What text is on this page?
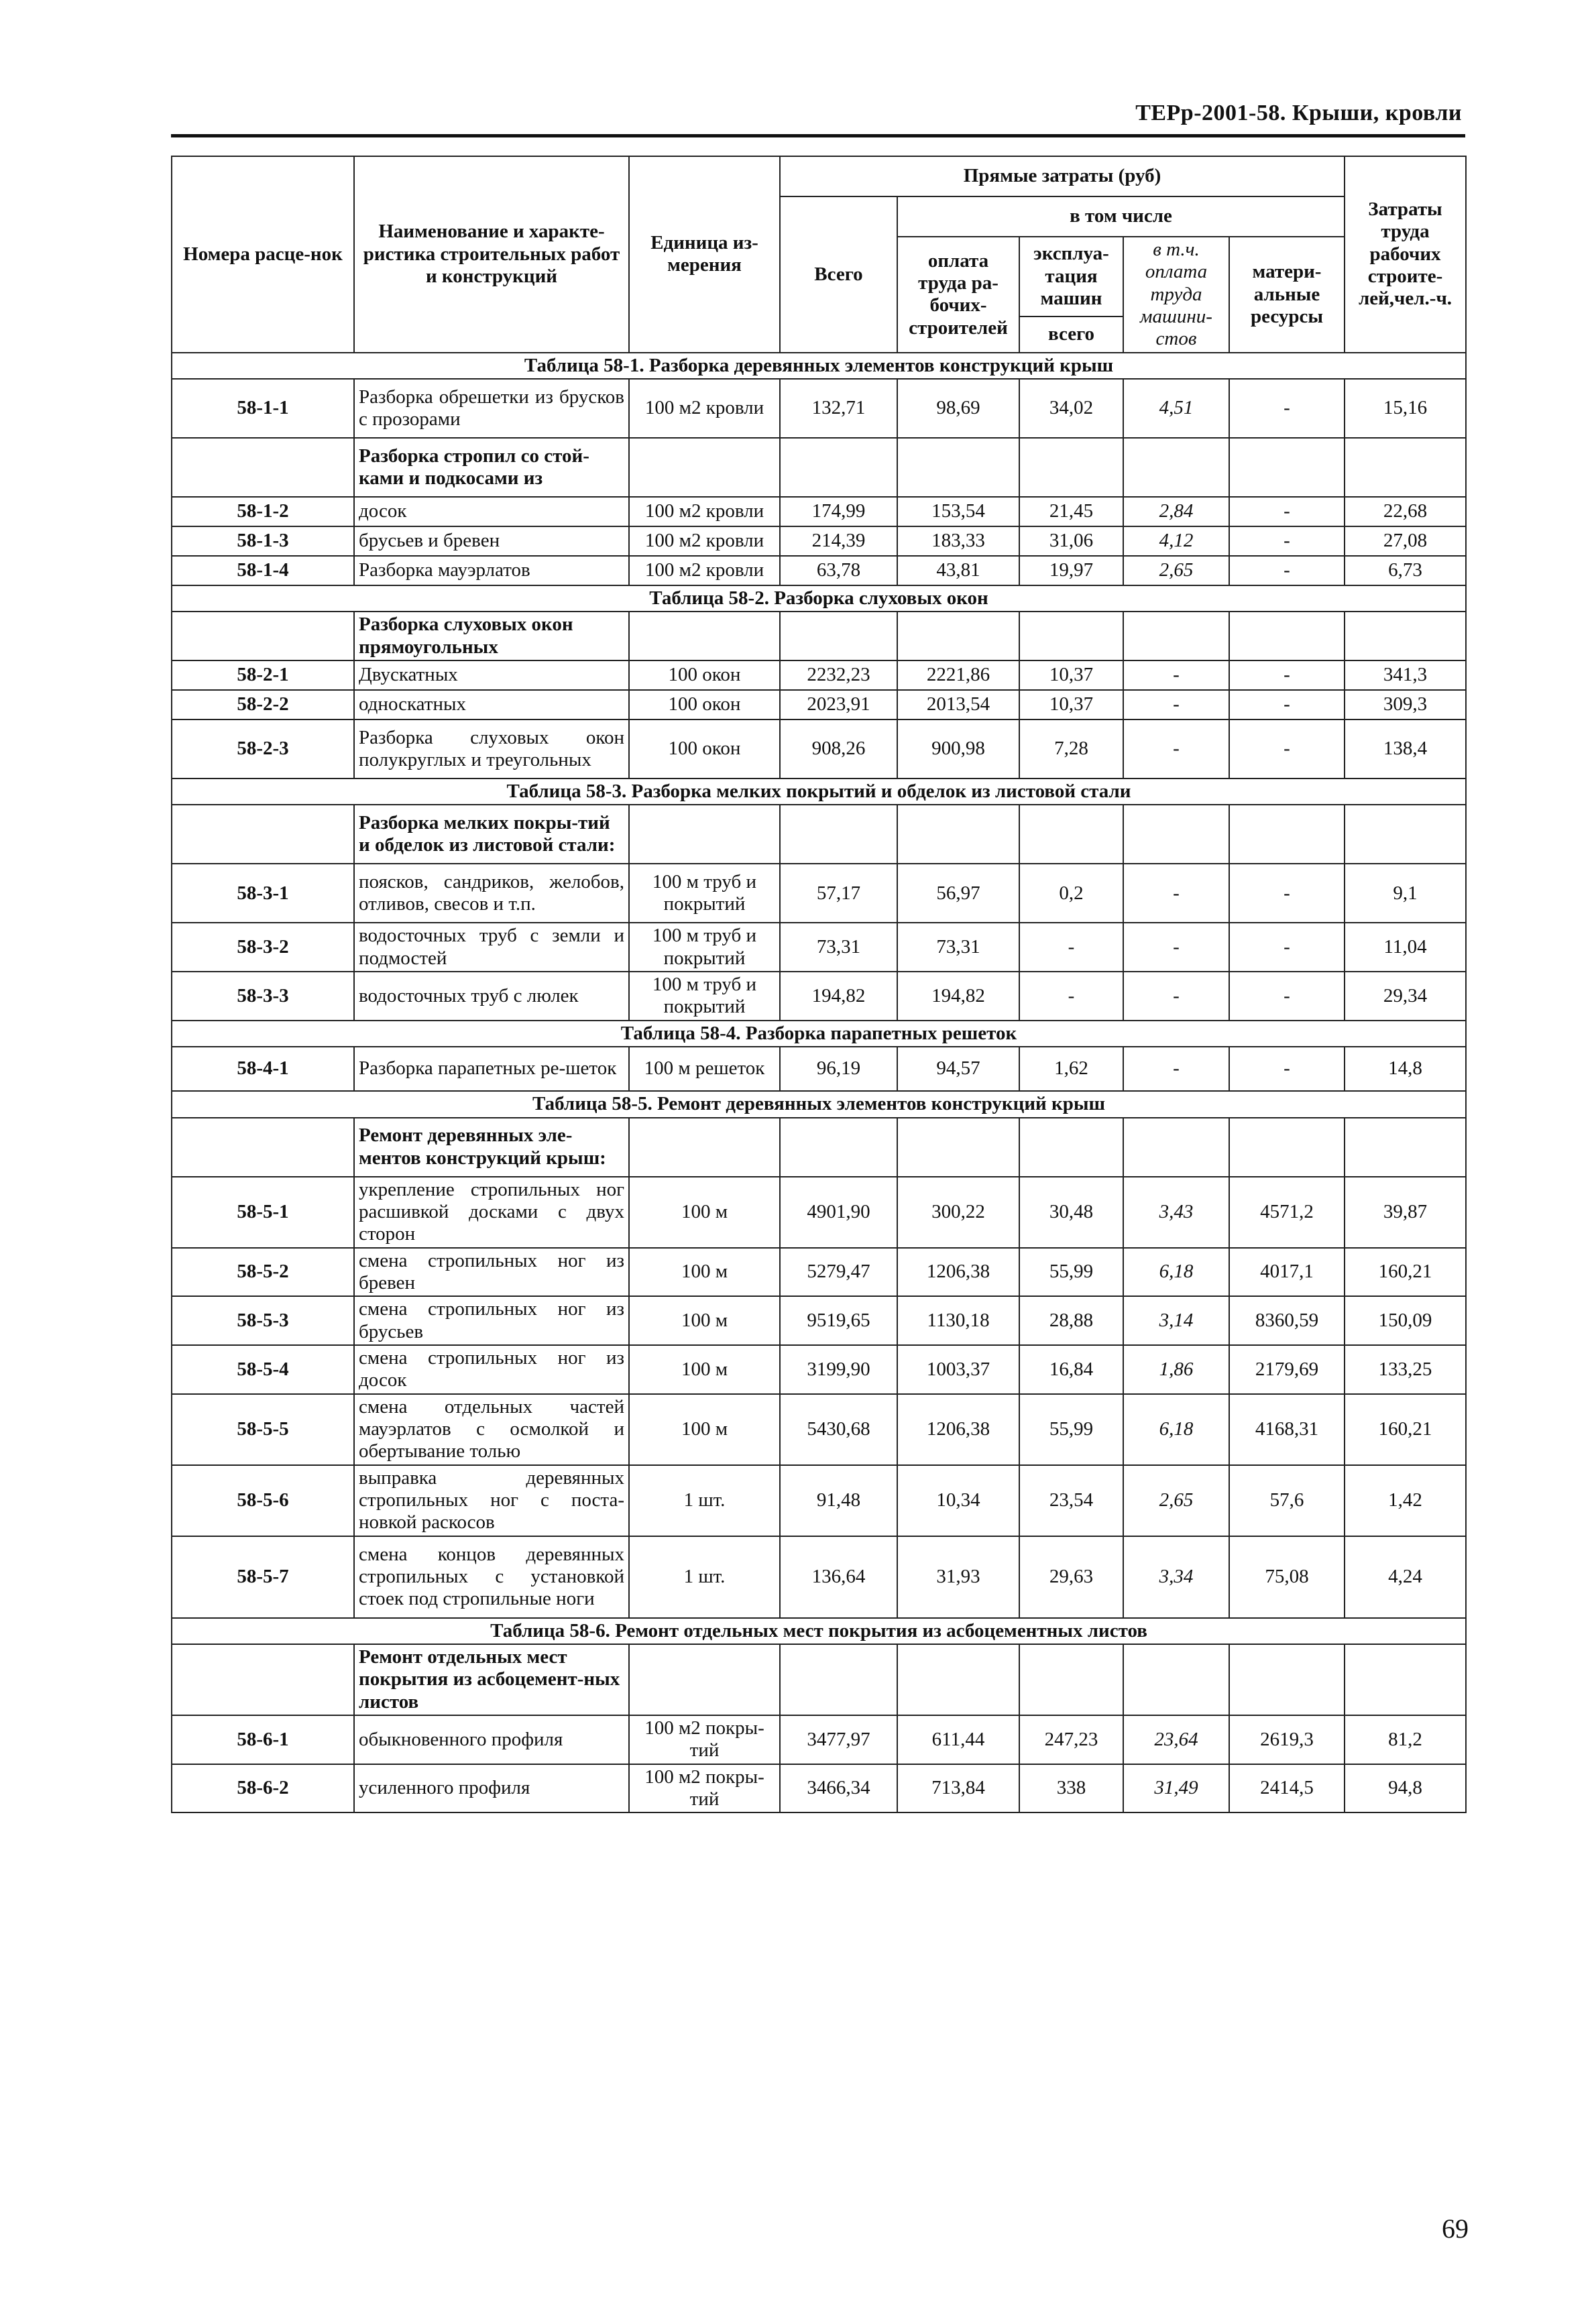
ТЕРр-2001-58. Крыши, кровли
Номера расце-нок	Наименование и характе-ристика строительных работ и конструкций	Единица из-мерения	Прямые затраты (руб)					Затраты труда рабочих строите-лей,чел.-ч.
			Всего	в том числе				
				оплата труда ра-бочих-строителей	эксплуа-тация машин	в т.ч. оплата труда машини-стов	матери-альные ресурсы	
					всего			
Таблица 58-1. Разборка деревянных элементов конструкций крыш								
58-1-1	Разборка обрешетки из брусков с прозорами	100 м2 кровли	132,71	98,69	34,02	4,51	-	15,16
	Разборка стропил со стой-ками и подкосами из							
58-1-2	досок	100 м2 кровли	174,99	153,54	21,45	2,84	-	22,68
58-1-3	брусьев и бревен	100 м2 кровли	214,39	183,33	31,06	4,12	-	27,08
58-1-4	Разборка мауэрлатов	100 м2 кровли	63,78	43,81	19,97	2,65	-	6,73
Таблица 58-2. Разборка слуховых окон								
	Разборка слуховых окон прямоугольных							
58-2-1	Двускатных	100 окон	2232,23	2221,86	10,37	-	-	341,3
58-2-2	односкатных	100 окон	2023,91	2013,54	10,37	-	-	309,3
58-2-3	Разборка слуховых окон полукруглых и треугольных	100 окон	908,26	900,98	7,28	-	-	138,4
Таблица 58-3. Разборка мелких покрытий и обделок из листовой стали								
	Разборка мелких покры-тий и обделок из листовой стали:							
58-3-1	поясков, сандриков, желобов, отливов, свесов и т.п.	100 м труб и покрытий	57,17	56,97	0,2	-	-	9,1
58-3-2	водосточных труб с земли и подмостей	100 м труб и покрытий	73,31	73,31	-	-	-	11,04
58-3-3	водосточных труб с люлек	100 м труб и покрытий	194,82	194,82	-	-	-	29,34
Таблица 58-4. Разборка парапетных решеток								
58-4-1	Разборка парапетных ре-шеток	100 м решеток	96,19	94,57	1,62	-	-	14,8
Таблица 58-5. Ремонт деревянных элементов конструкций крыш								
	Ремонт деревянных эле-ментов конструкций крыш:							
58-5-1	укрепление стропильных ног расшивкой досками с двух сторон	100 м	4901,90	300,22	30,48	3,43	4571,2	39,87
58-5-2	смена стропильных ног из бревен	100 м	5279,47	1206,38	55,99	6,18	4017,1	160,21
58-5-3	смена стропильных ног из брусьев	100 м	9519,65	1130,18	28,88	3,14	8360,59	150,09
58-5-4	смена стропильных ног из досок	100 м	3199,90	1003,37	16,84	1,86	2179,69	133,25
58-5-5	смена отдельных частей мауэрлатов с осмолкой и обертывание толью	100 м	5430,68	1206,38	55,99	6,18	4168,31	160,21
58-5-6	выправка деревянных стропильных ног с поста-новкой раскосов	1 шт.	91,48	10,34	23,54	2,65	57,6	1,42
58-5-7	смена концов деревянных стропильных с установкой стоек под стропильные ноги	1 шт.	136,64	31,93	29,63	3,34	75,08	4,24
Таблица 58-6. Ремонт отдельных мест покрытия из асбоцементных листов								
	Ремонт отдельных мест покрытия из асбоцемент-ных листов							
58-6-1	обыкновенного профиля	100 м2 покры-тий	3477,97	611,44	247,23	23,64	2619,3	81,2
58-6-2	усиленного профиля	100 м2 покры-тий	3466,34	713,84	338	31,49	2414,5	94,8
69
